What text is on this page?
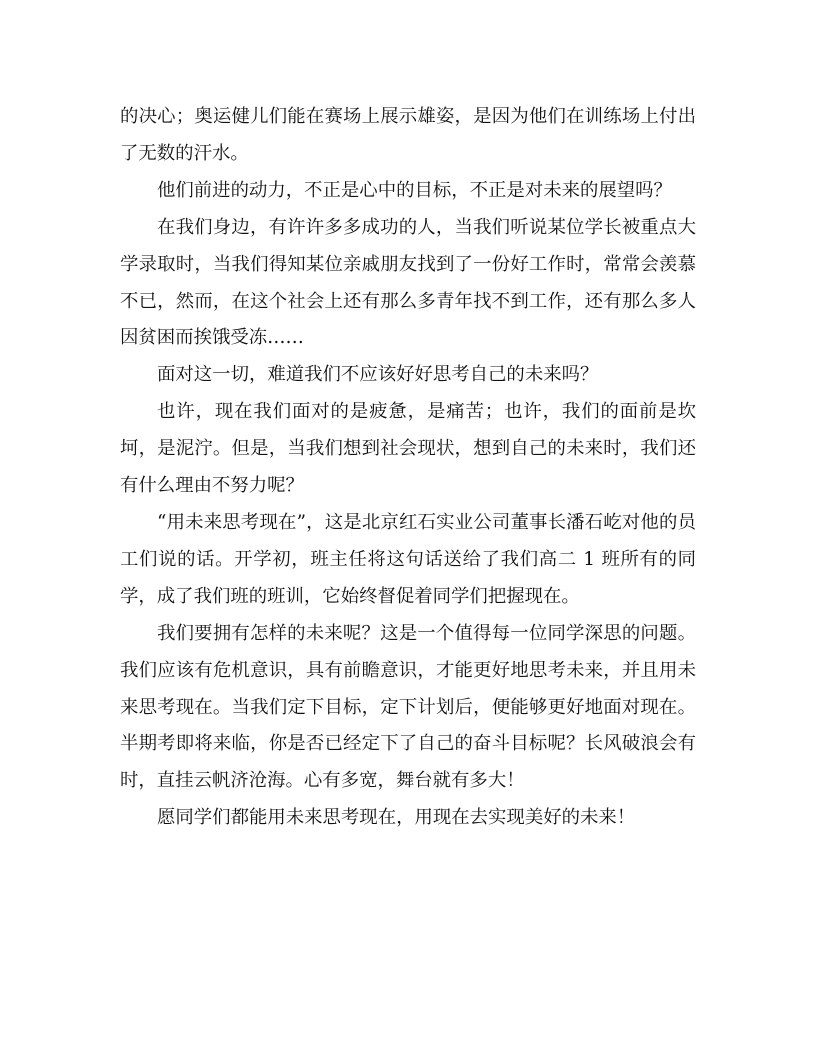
的决心；奥运健儿们能在赛场上展示雄姿，是因为他们在训练场上付出了无数的汗水。

他们前进的动力，不正是心中的目标，不正是对未来的展望吗？

在我们身边，有许许多多成功的人，当我们听说某位学长被重点大学录取时，当我们得知某位亲戚朋友找到了一份好工作时，常常会羡慕不已，然而，在这个社会上还有那么多青年找不到工作，还有那么多人因贫困而挨饿受冻……

面对这一切，难道我们不应该好好思考自己的未来吗？

也许，现在我们面对的是疲惫，是痛苦；也许，我们的面前是坎坷，是泥泞。但是，当我们想到社会现状，想到自己的未来时，我们还有什么理由不努力呢？

“用未来思考现在”，这是北京红石实业公司董事长潘石屹对他的员工们说的话。开学初，班主任将这句话送给了我们高二 1 班所有的同学，成了我们班的班训，它始终督促着同学们把握现在。

我们要拥有怎样的未来呢？这是一个值得每一位同学深思的问题。我们应该有危机意识，具有前瞻意识，才能更好地思考未来，并且用未来思考现在。当我们定下目标，定下计划后，便能够更好地面对现在。半期考即将来临，你是否已经定下了自己的奋斗目标呢？长风破浪会有时，直挂云帆济沧海。心有多宽，舞台就有多大！

愿同学们都能用未来思考现在，用现在去实现美好的未来！
